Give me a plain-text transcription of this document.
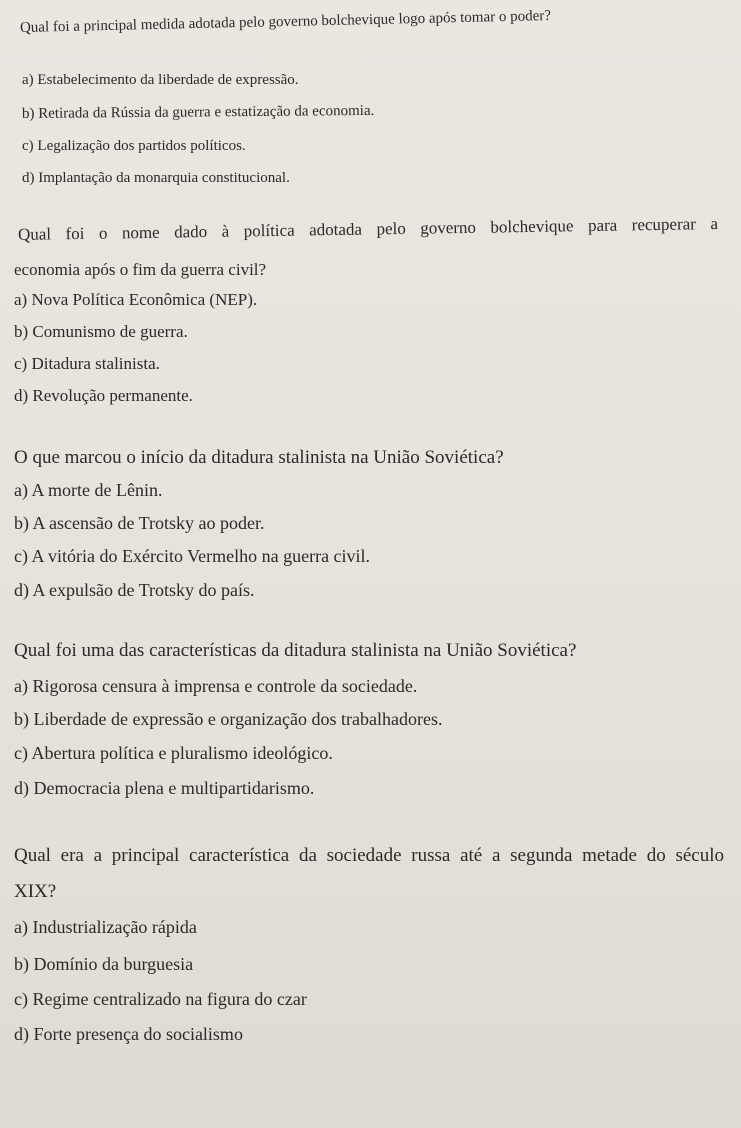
Qual foi a principal medida adotada pelo governo bolchevique logo após tomar o poder?
a) Estabelecimento da liberdade de expressão.
b) Retirada da Rússia da guerra e estatização da economia.
c) Legalização dos partidos políticos.
d) Implantação da monarquia constitucional.
Qual foi o nome dado à política adotada pelo governo bolchevique para recuperar a
economia após o fim da guerra civil?
a) Nova Política Econômica (NEP).
b) Comunismo de guerra.
c) Ditadura stalinista.
d) Revolução permanente.
O que marcou o início da ditadura stalinista na União Soviética?
a) A morte de Lênin.
b) A ascensão de Trotsky ao poder.
c) A vitória do Exército Vermelho na guerra civil.
d) A expulsão de Trotsky do país.
Qual foi uma das características da ditadura stalinista na União Soviética?
a) Rigorosa censura à imprensa e controle da sociedade.
b) Liberdade de expressão e organização dos trabalhadores.
c) Abertura política e pluralismo ideológico.
d) Democracia plena e multipartidarismo.
Qual era a principal característica da sociedade russa até a segunda metade do século
XIX?
a) Industrialização rápida
b) Domínio da burguesia
c) Regime centralizado na figura do czar
d) Forte presença do socialismo
